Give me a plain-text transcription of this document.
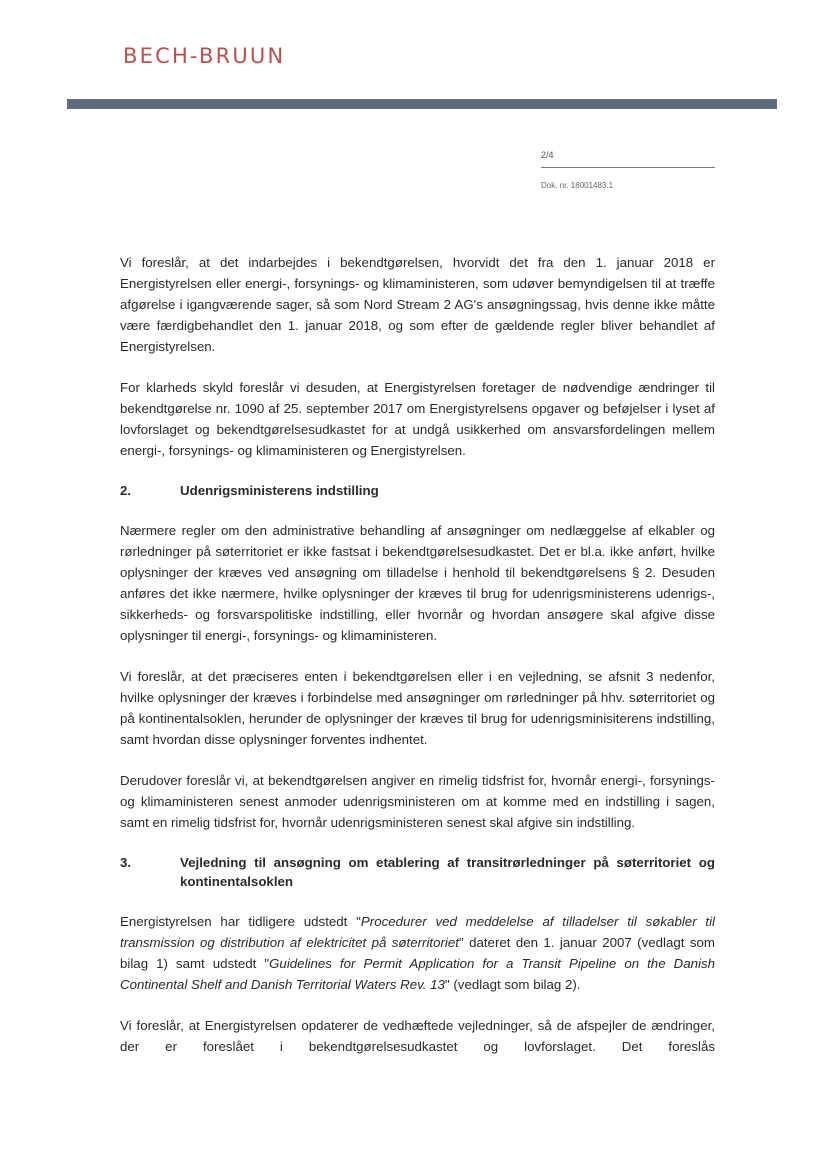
BECH-BRUUN
2/4
Dok. nr. 18001483.1

Vi foreslår, at det indarbejdes i bekendtgørelsen, hvorvidt det fra den 1. januar 2018 er Energistyrelsen eller energi-, forsynings- og klimaministeren, som udøver bemyndigelsen til at træffe afgørelse i igangværende sager, så som Nord Stream 2 AG's ansøgningssag, hvis denne ikke måtte være færdigbehandlet den 1. januar 2018, og som efter de gældende regler bliver behandlet af Energistyrelsen.

For klarheds skyld foreslår vi desuden, at Energistyrelsen foretager de nødvendige ændringer til bekendtgørelse nr. 1090 af 25. september 2017 om Energistyrelsens opgaver og beføjelser i lyset af lovforslaget og bekendtgørelsesudkastet for at undgå usikkerhed om ansvarsfordelingen mellem energi-, forsynings- og klimaministeren og Energistyrelsen.

2.	Udenrigsministerens indstilling

Nærmere regler om den administrative behandling af ansøgninger om nedlæggelse af elkabler og rørledninger på søterritoriet er ikke fastsat i bekendtgørelsesudkastet. Det er bl.a. ikke anført, hvilke oplysninger der kræves ved ansøgning om tilladelse i henhold til bekendtgørelsens § 2. Desuden anføres det ikke nærmere, hvilke oplysninger der kræves til brug for udenrigsministerens udenrigs-, sikkerheds- og forsvarspolitiske indstilling, eller hvornår og hvordan ansøgere skal afgive disse oplysninger til energi-, forsynings- og klimaministeren.

Vi foreslår, at det præciseres enten i bekendtgørelsen eller i en vejledning, se afsnit 3 nedenfor, hvilke oplysninger der kræves i forbindelse med ansøgninger om rørledninger på hhv. søterritoriet og på kontinentalsoklen, herunder de oplysninger der kræves til brug for udenrigsminisiterens indstilling, samt hvordan disse oplysninger forventes indhentet.

Derudover foreslår vi, at bekendtgørelsen angiver en rimelig tidsfrist for, hvornår energi-, forsynings- og klimaministeren senest anmoder udenrigsministeren om at komme med en indstilling i sagen, samt en rimelig tidsfrist for, hvornår udenrigsministeren senest skal afgive sin indstilling.

3.	Vejledning til ansøgning om etablering af transitrørledninger på søterritoriet og kontinentalsoklen

Energistyrelsen har tidligere udstedt "Procedurer ved meddelelse af tilladelser til søkabler til transmission og distribution af elektricitet på søterritoriet" dateret den 1. januar 2007 (vedlagt som bilag 1) samt udstedt "Guidelines for Permit Application for a Transit Pipeline on the Danish Continental Shelf and Danish Territorial Waters Rev. 13" (vedlagt som bilag 2).

Vi foreslår, at Energistyrelsen opdaterer de vedhæftede vejledninger, så de afspejler de ændringer, der er foreslået i bekendtgørelsesudkastet og lovforslaget. Det foreslås
